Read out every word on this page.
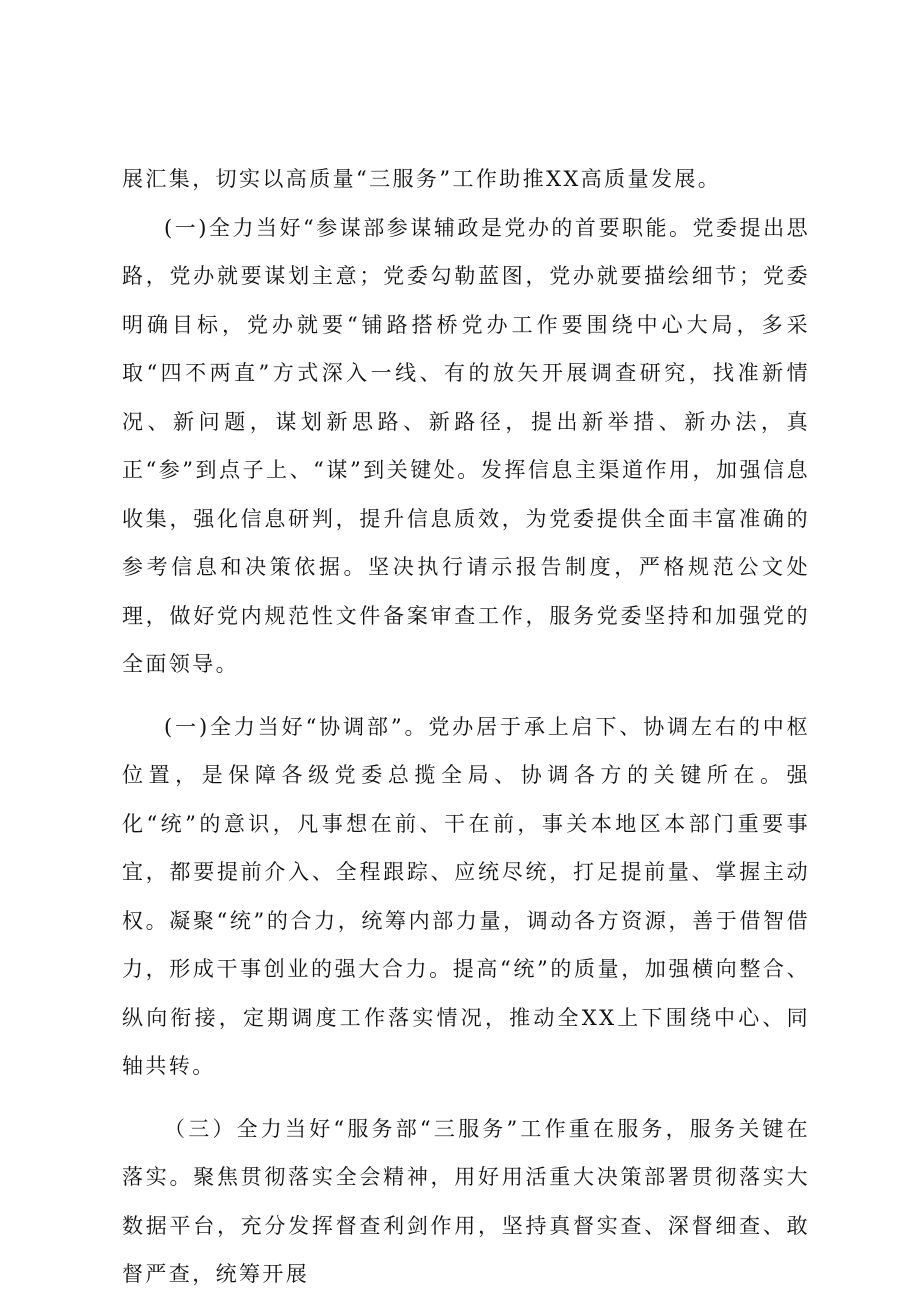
展汇集，切实以高质量“三服务”工作助推XX高质量发展。

(一)全力当好“参谋部参谋辅政是党办的首要职能。党委提出思路，党办就要谋划主意；党委勾勒蓝图，党办就要描绘细节；党委明确目标，党办就要“铺路搭桥党办工作要围绕中心大局，多采取“四不两直”方式深入一线、有的放矢开展调查研究，找准新情况、新问题，谋划新思路、新路径，提出新举措、新办法，真正“参”到点子上、“谋”到关键处。发挥信息主渠道作用，加强信息收集，强化信息研判，提升信息质效，为党委提供全面丰富准确的参考信息和决策依据。坚决执行请示报告制度，严格规范公文处理，做好党内规范性文件备案审查工作，服务党委坚持和加强党的全面领导。

(一)全力当好“协调部”。党办居于承上启下、协调左右的中枢位置，是保障各级党委总揽全局、协调各方的关键所在。强化“统”的意识，凡事想在前、干在前，事关本地区本部门重要事宜，都要提前介入、全程跟踪、应统尽统，打足提前量、掌握主动权。凝聚“统”的合力，统筹内部力量，调动各方资源，善于借智借力，形成干事创业的强大合力。提高“统”的质量，加强横向整合、纵向衔接，定期调度工作落实情况，推动全XX上下围绕中心、同轴共转。

（三）全力当好“服务部“三服务”工作重在服务，服务关键在落实。聚焦贯彻落实全会精神，用好用活重大决策部署贯彻落实大数据平台，充分发挥督查利剑作用，坚持真督实查、深督细查、敢督严查，统筹开展
